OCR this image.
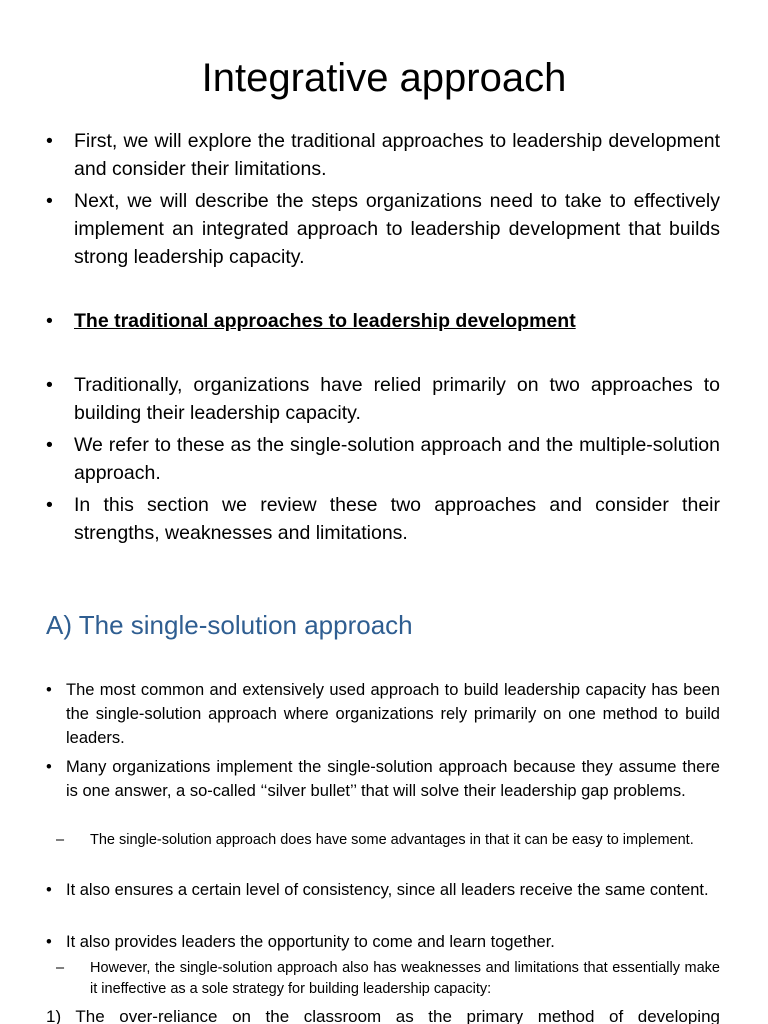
Integrative approach
• First, we will explore the traditional approaches to leadership development and consider their limitations.
• Next, we will describe the steps organizations need to take to effectively implement an integrated approach to leadership development that builds strong leadership capacity.
• The traditional approaches to leadership development
• Traditionally, organizations have relied primarily on two approaches to building their leadership capacity.
• We refer to these as the single-solution approach and the multiple-solution approach.
• In this section we review these two approaches and consider their strengths, weaknesses and limitations.
A) The single-solution approach
• The most common and extensively used approach to build leadership capacity has been the single-solution approach where organizations rely primarily on one method to build leaders.
• Many organizations implement the single-solution approach because they assume there is one answer, a so-called ‘‘silver bullet’’ that will solve their leadership gap problems.
– The single-solution approach does have some advantages in that it can be easy to implement.
• It also ensures a certain level of consistency, since all leaders receive the same content.
• It also provides leaders the opportunity to come and learn together.
– However, the single-solution approach also has weaknesses and limitations that essentially make it ineffective as a sole strategy for building leadership capacity:
1) The over-reliance on the classroom as the primary method of developing
